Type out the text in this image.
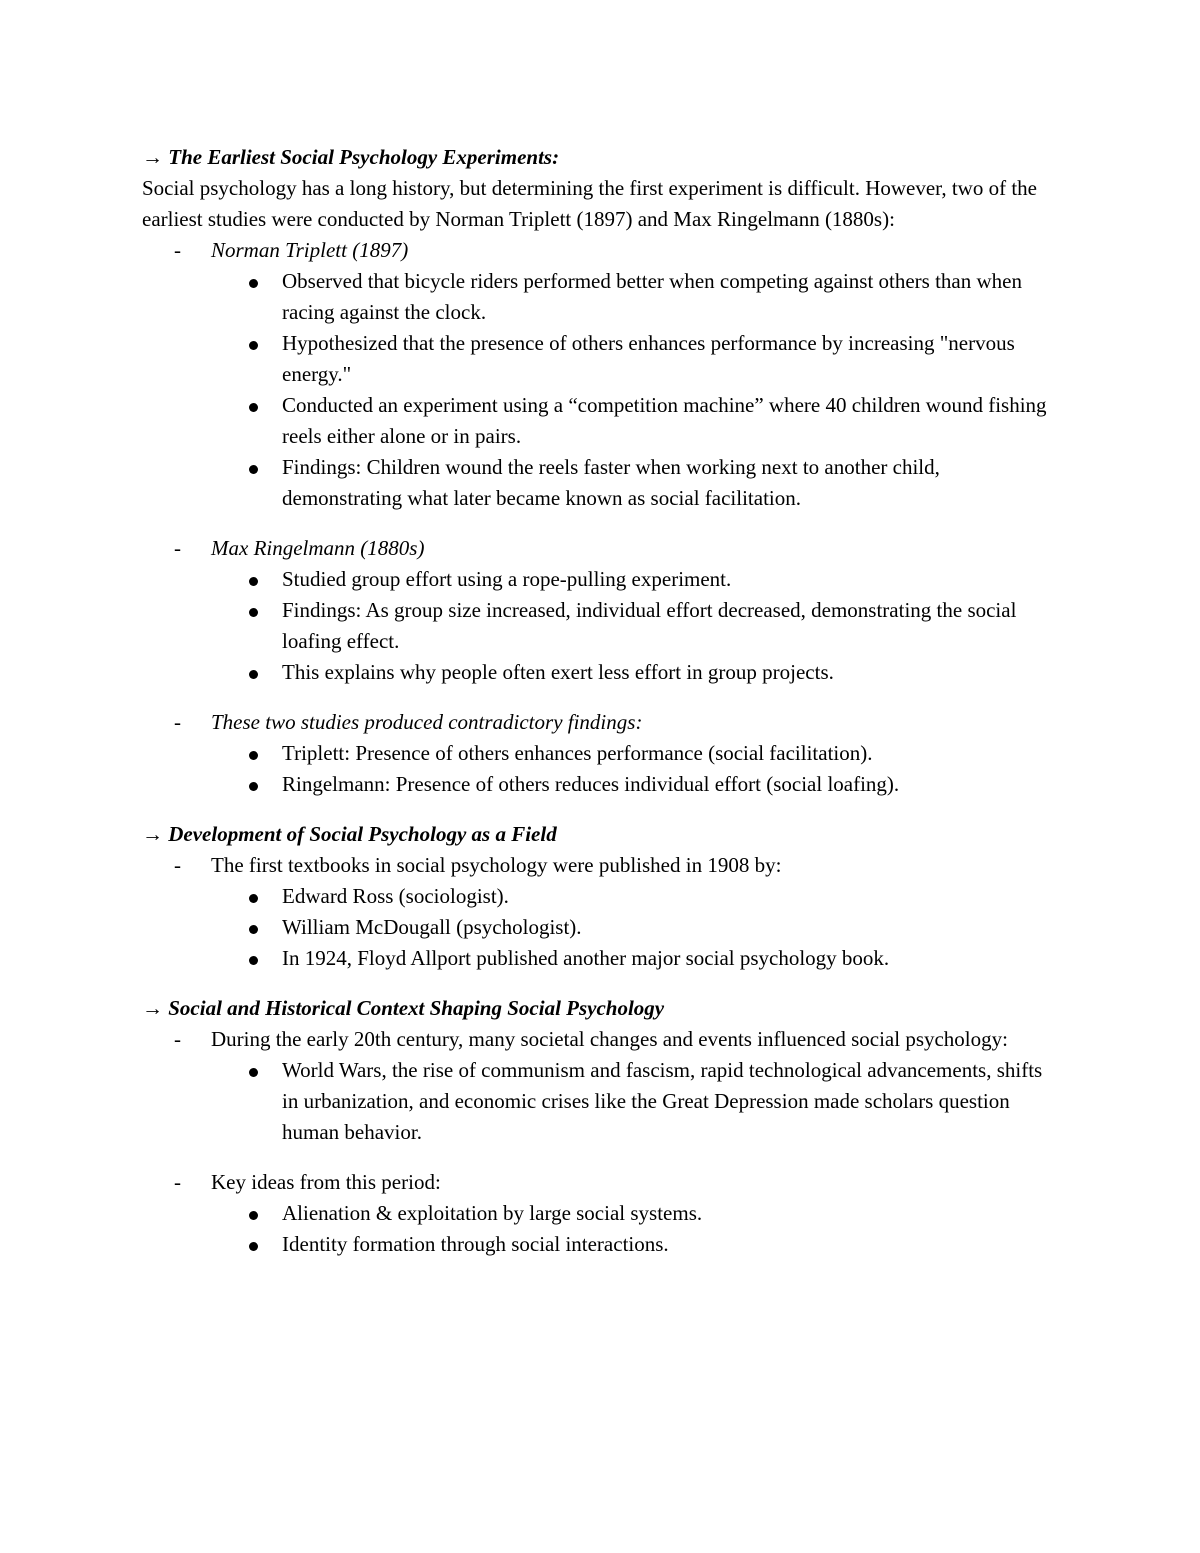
→ The Earliest Social Psychology Experiments:

Social psychology has a long history, but determining the first experiment is difficult. However, two of the earliest studies were conducted by Norman Triplett (1897) and Max Ringelmann (1880s):

- Norman Triplett (1897)
Observed that bicycle riders performed better when competing against others than when racing against the clock.
Hypothesized that the presence of others enhances performance by increasing "nervous energy."
Conducted an experiment using a “competition machine” where 40 children wound fishing reels either alone or in pairs.
Findings: Children wound the reels faster when working next to another child, demonstrating what later became known as social facilitation.
- Max Ringelmann (1880s)
Studied group effort using a rope-pulling experiment.
Findings: As group size increased, individual effort decreased, demonstrating the social loafing effect.
This explains why people often exert less effort in group projects.
- These two studies produced contradictory findings:
Triplett: Presence of others enhances performance (social facilitation).
Ringelmann: Presence of others reduces individual effort (social loafing).

→ Development of Social Psychology as a Field

- The first textbooks in social psychology were published in 1908 by:
Edward Ross (sociologist).
William McDougall (psychologist).
In 1924, Floyd Allport published another major social psychology book.

→ Social and Historical Context Shaping Social Psychology

- During the early 20th century, many societal changes and events influenced social psychology:
World Wars, the rise of communism and fascism, rapid technological advancements, shifts in urbanization, and economic crises like the Great Depression made scholars question human behavior.
- Key ideas from this period:
Alienation & exploitation by large social systems.
Identity formation through social interactions.
